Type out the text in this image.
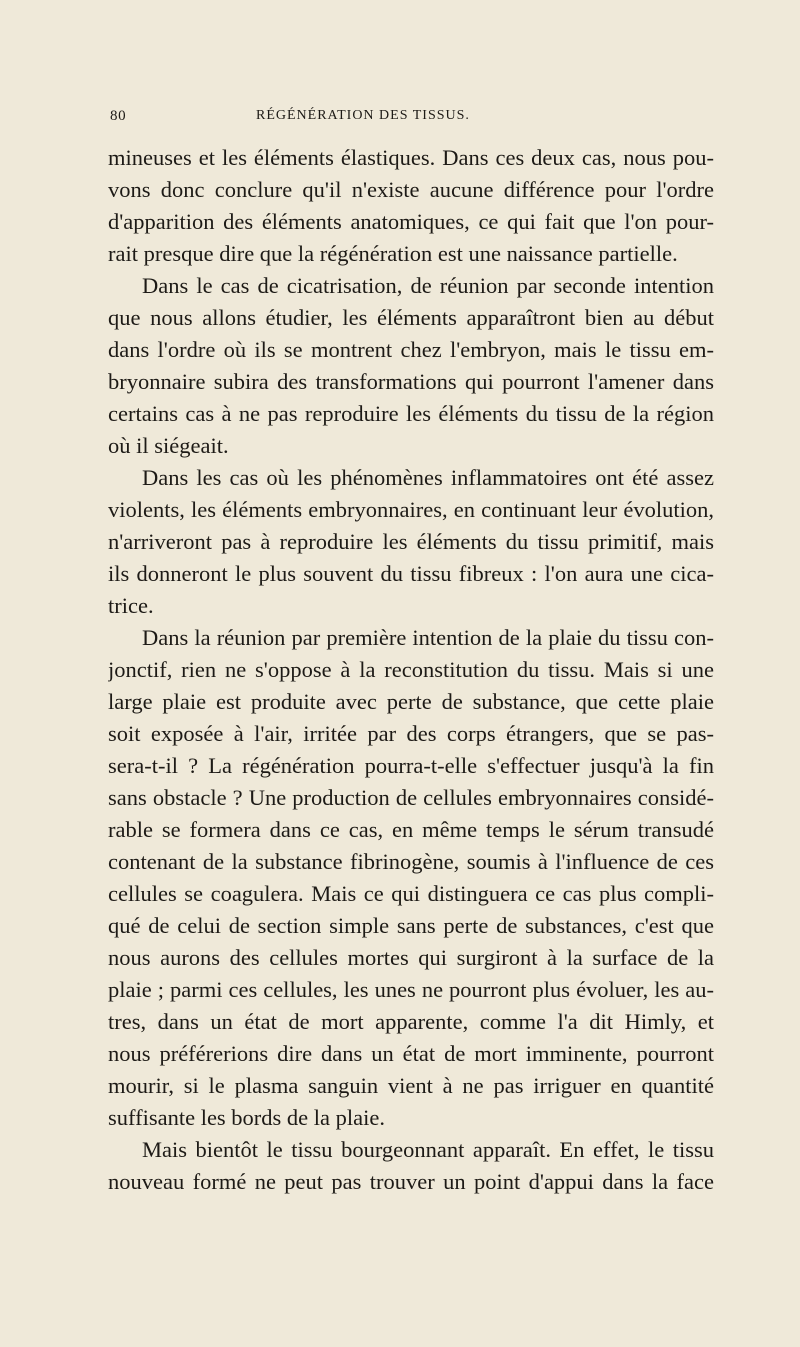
80	RÉGÉNÉRATION DES TISSUS.
mineuses et les éléments élastiques. Dans ces deux cas, nous pou-
vons donc conclure qu'il n'existe aucune différence pour l'ordre
d'apparition des éléments anatomiques, ce qui fait que l'on pour-
rait presque dire que la régénération est une naissance partielle.
Dans le cas de cicatrisation, de réunion par seconde intention
que nous allons étudier, les éléments apparaîtront bien au début
dans l'ordre où ils se montrent chez l'embryon, mais le tissu em-
bryonnaire subira des transformations qui pourront l'amener dans
certains cas à ne pas reproduire les éléments du tissu de la région
où il siégeait.
Dans les cas où les phénomènes inflammatoires ont été assez
violents, les éléments embryonnaires, en continuant leur évolution,
n'arriveront pas à reproduire les éléments du tissu primitif, mais
ils donneront le plus souvent du tissu fibreux : l'on aura une cica-
trice.
Dans la réunion par première intention de la plaie du tissu con-
jonctif, rien ne s'oppose à la reconstitution du tissu. Mais si une
large plaie est produite avec perte de substance, que cette plaie
soit exposée à l'air, irritée par des corps étrangers, que se pas-
sera-t-il ? La régénération pourra-t-elle s'effectuer jusqu'à la fin
sans obstacle ? Une production de cellules embryonnaires considé-
rable se formera dans ce cas, en même temps le sérum transudé
contenant de la substance fibrinogène, soumis à l'influence de ces
cellules se coagulera. Mais ce qui distinguera ce cas plus compli-
qué de celui de section simple sans perte de substances, c'est que
nous aurons des cellules mortes qui surgiront à la surface de la
plaie ; parmi ces cellules, les unes ne pourront plus évoluer, les au-
tres, dans un état de mort apparente, comme l'a dit Himly, et
nous préférerions dire dans un état de mort imminente, pourront
mourir, si le plasma sanguin vient à ne pas irriguer en quantité
suffisante les bords de la plaie.
Mais bientôt le tissu bourgeonnant apparaît. En effet, le tissu
nouveau formé ne peut pas trouver un point d'appui dans la face
